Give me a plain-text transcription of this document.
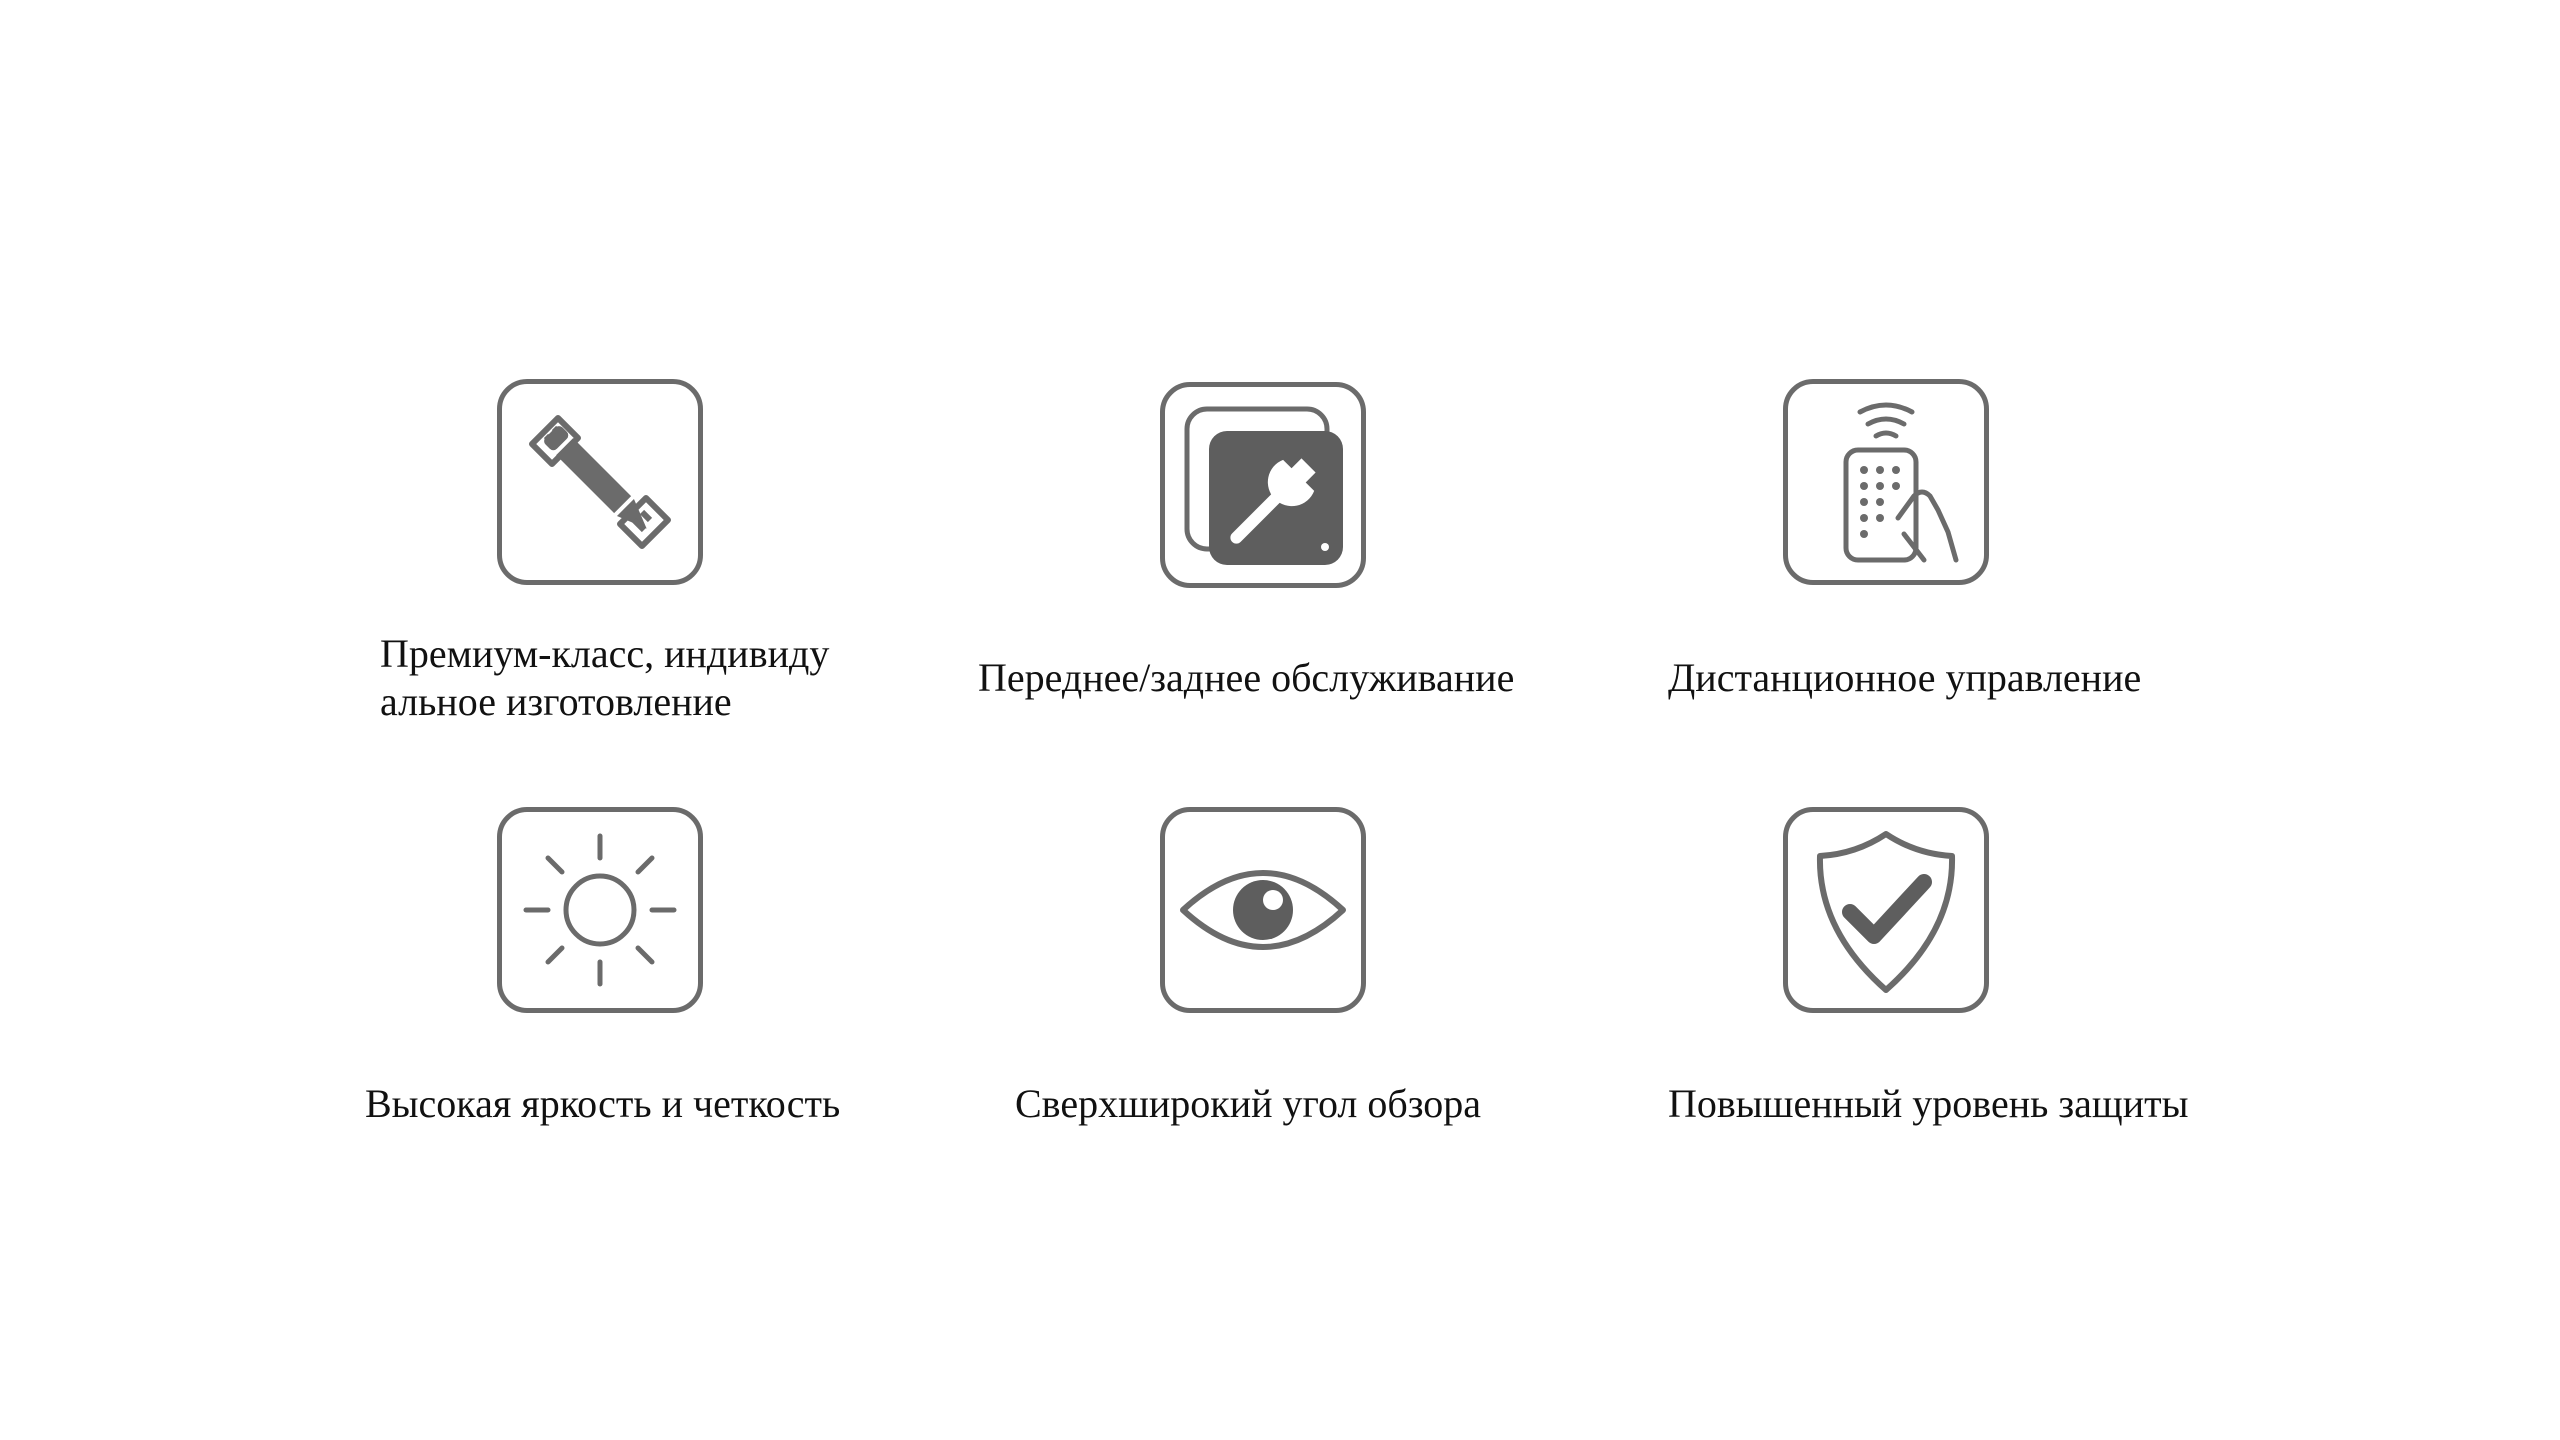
Премиум-класс, индивиду
альное изготовление
Переднее/заднее обслуживание	Дистанционное управление
Высокая яркость и четкость	Сверхширокий угол обзора	Повышенный уровень защиты
